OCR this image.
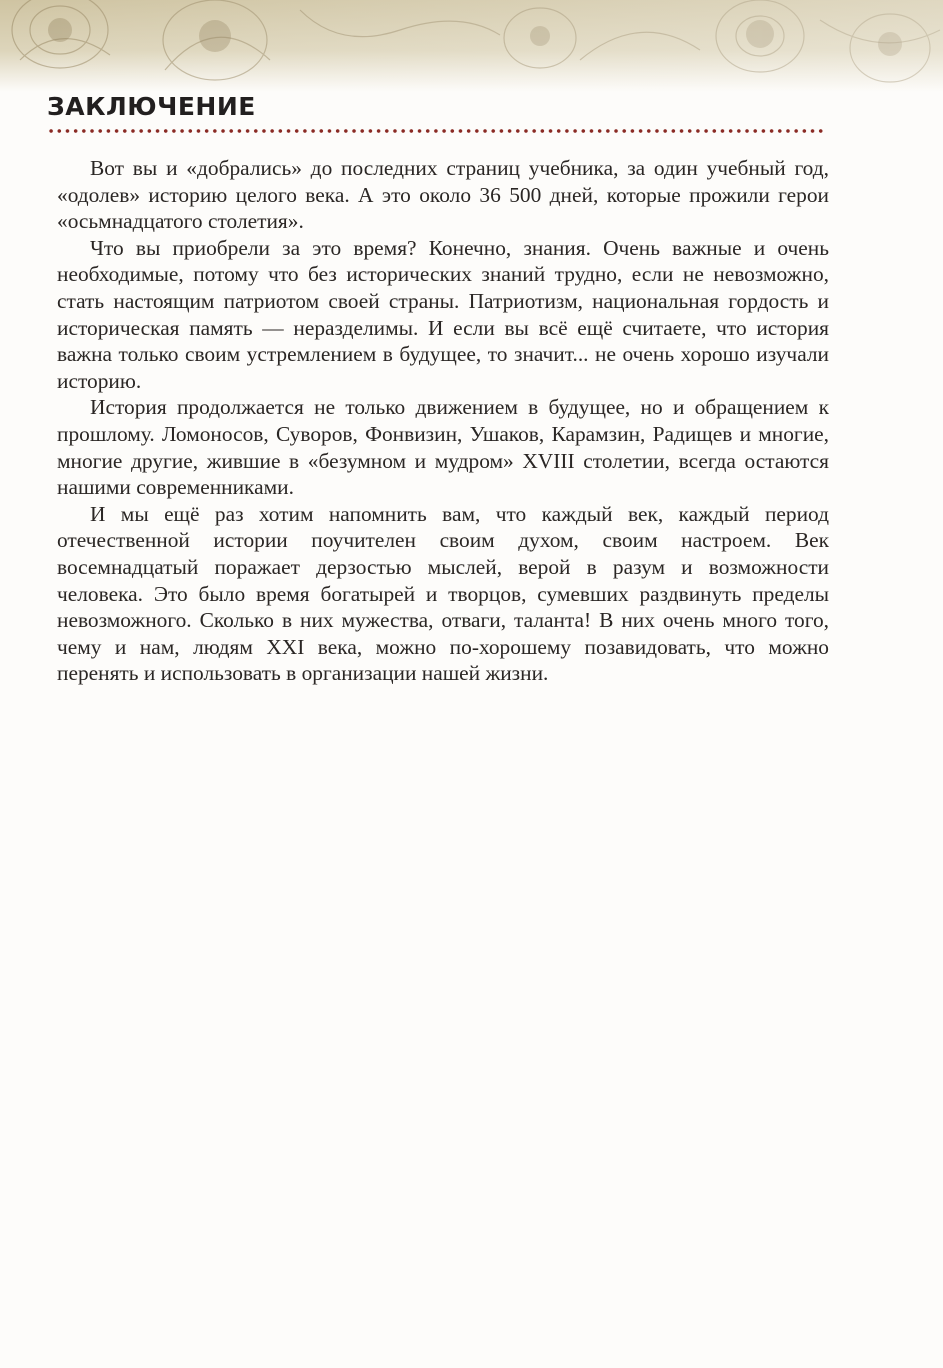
ЗАКЛЮЧЕНИЕ

Вот вы и «добрались» до последних страниц учебника, за один учебный год, «одолев» историю целого века. А это около 36 500 дней, которые прожили герои «осьмнадцатого столетия».

Что вы приобрели за это время? Конечно, знания. Очень важные и очень необходимые, потому что без исторических знаний трудно, если не невозможно, стать настоящим патриотом своей страны. Патриотизм, национальная гордость и историческая память — неразделимы. И если вы всё ещё считаете, что история важна только своим устремлением в будущее, то значит... не очень хорошо изучали историю.

История продолжается не только движением в будущее, но и обращением к прошлому. Ломоносов, Суворов, Фонвизин, Ушаков, Карамзин, Радищев и многие, многие другие, жившие в «безумном и мудром» XVIII столетии, всегда остаются нашими современниками.

И мы ещё раз хотим напомнить вам, что каждый век, каждый период отечественной истории поучителен своим духом, своим настроем. Век восемнадцатый поражает дерзостью мыслей, верой в разум и возможности человека. Это было время богатырей и творцов, сумевших раздвинуть пределы невозможного. Сколько в них мужества, отваги, таланта! В них очень много того, чему и нам, людям XXI века, можно по-хорошему позавидовать, что можно перенять и использовать в организации нашей жизни.
